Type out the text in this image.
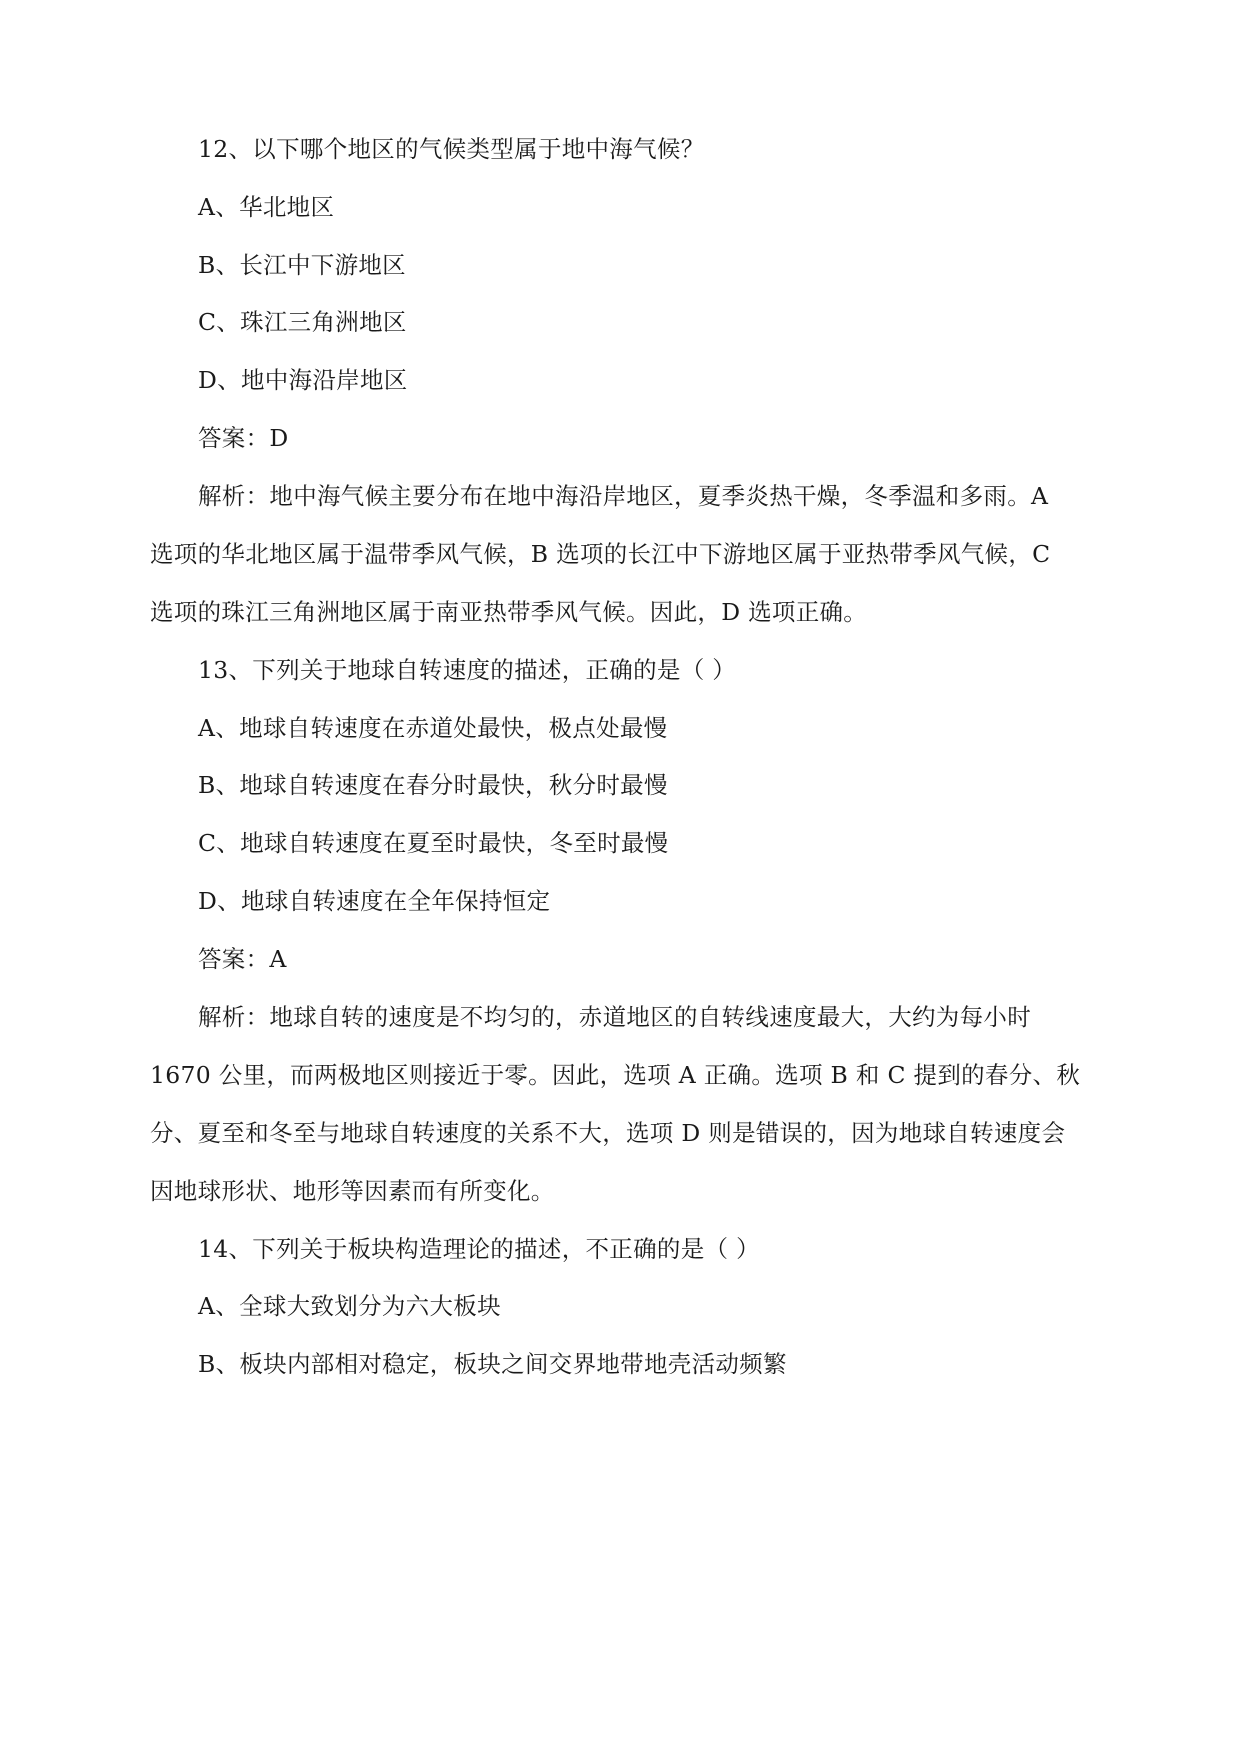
12、以下哪个地区的气候类型属于地中海气候？
A、华北地区
B、长江中下游地区
C、珠江三角洲地区
D、地中海沿岸地区
答案：D
解析：地中海气候主要分布在地中海沿岸地区，夏季炎热干燥，冬季温和多雨。A
选项的华北地区属于温带季风气候，B 选项的长江中下游地区属于亚热带季风气候，C
选项的珠江三角洲地区属于南亚热带季风气候。因此，D 选项正确。
13、下列关于地球自转速度的描述，正确的是（ ）
A、地球自转速度在赤道处最快，极点处最慢
B、地球自转速度在春分时最快，秋分时最慢
C、地球自转速度在夏至时最快，冬至时最慢
D、地球自转速度在全年保持恒定
答案：A
解析：地球自转的速度是不均匀的，赤道地区的自转线速度最大，大约为每小时
1670 公里，而两极地区则接近于零。因此，选项 A 正确。选项 B 和 C 提到的春分、秋
分、夏至和冬至与地球自转速度的关系不大，选项 D 则是错误的，因为地球自转速度会
因地球形状、地形等因素而有所变化。
14、下列关于板块构造理论的描述，不正确的是（ ）
A、全球大致划分为六大板块
B、板块内部相对稳定，板块之间交界地带地壳活动频繁
